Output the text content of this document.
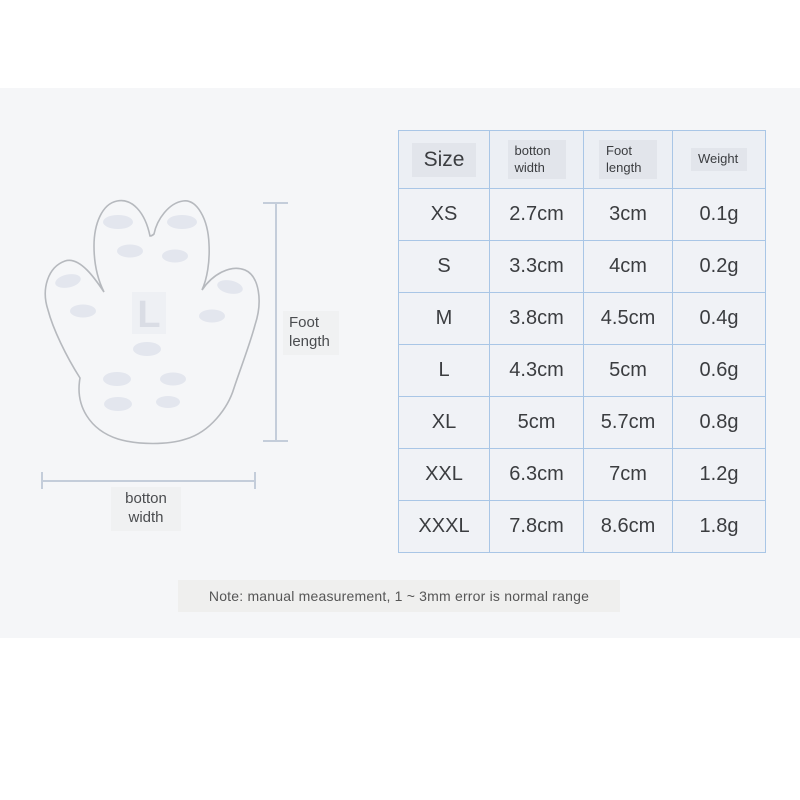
L	Foot length
botton width
Size	botton width	Foot length	Weight
XS	2.7cm	3cm	0.1g
S	3.3cm	4cm	0.2g
M	3.8cm	4.5cm	0.4g
L	4.3cm	5cm	0.6g
XL	5cm	5.7cm	0.8g
XXL	6.3cm	7cm	1.2g
XXXL	7.8cm	8.6cm	1.8g
Note: manual measurement, 1 ~ 3mm error is normal range
